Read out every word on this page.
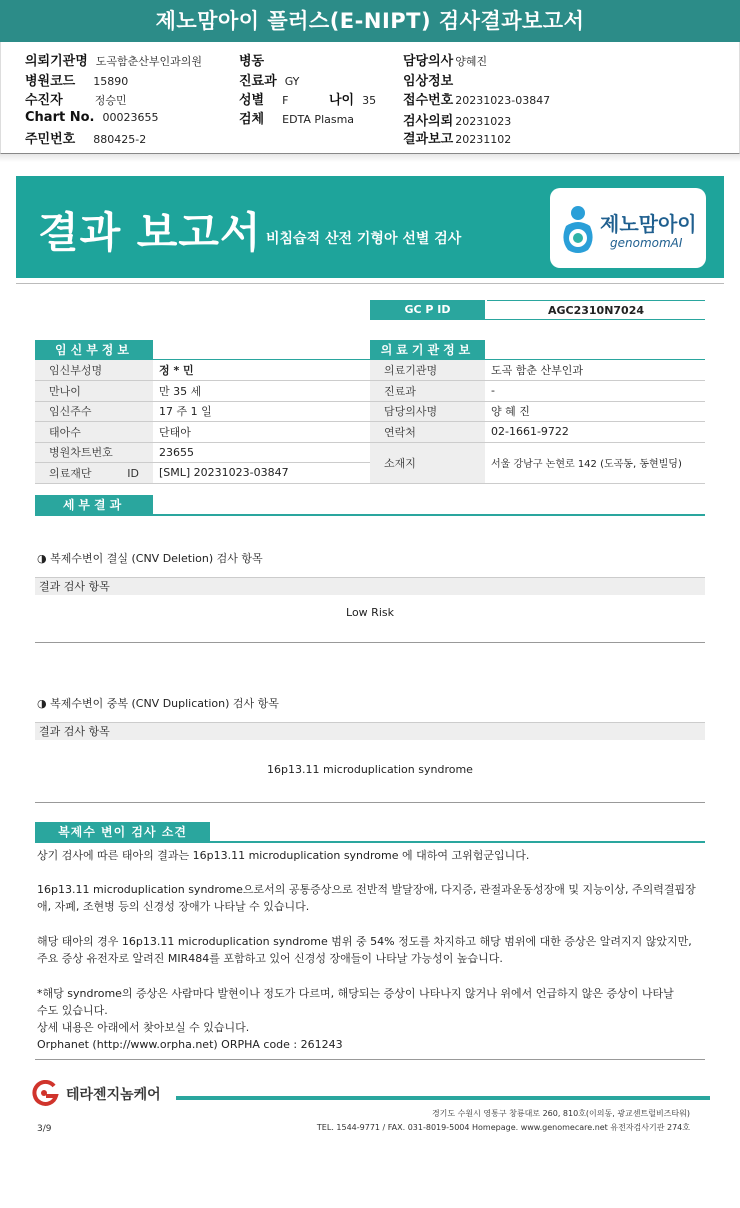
제노맘아이 플러스(E-NIPT) 검사결과보고서
의뢰기관명 도곡함춘산부인과의원
병원코드 15890
수진자	정승민
Chart No. 00023655
주민번호 880425-2
병동
진료과 GY
성별 F	나이 35
검체 EDTA Plasma
담당의사 양혜진
임상정보
접수번호 20231023-03847
검사의뢰 20231023
결과보고 20231102
결과 보고서 비침습적 산전 기형아 선별 검사
제노맘아이
genomomAI
GC P ID	AGC2310N7024
임신부정보
임신부성명	정 * 민
만나이	만 35 세
임신주수	17 주 1 일
태아수	단태아
병원차트번호	23655
의료재단 ID	[SML] 20231023-03847
의료기관정보
의료기관명	도곡 함춘 산부인과
진료과	-
담당의사명	양 혜 진
연락처	02-1661-9722
소재지	서울 강남구 논현로 142 (도곡동, 동현빌딩)
세부결과
◑ 복제수변이 결실 (CNV Deletion) 검사 항목
결과 검사 항목
Low Risk
◑ 복제수변이 중복 (CNV Duplication) 검사 항목
결과 검사 항목
16p13.11 microduplication syndrome
복제수 변이 검사 소견
상기 검사에 따른 태아의 결과는 16p13.11 microduplication syndrome 에 대하여 고위험군입니다.
16p13.11 microduplication syndrome으로서의 공통증상으로 전반적 발달장애, 다지증, 관절과운동성장애 및 지능이상, 주의력결핍장
애, 자폐, 조현병 등의 신경성 장애가 나타날 수 있습니다.
해당 태아의 경우 16p13.11 microduplication syndrome 범위 중 54% 정도를 차지하고 해당 범위에 대한 증상은 알려지지 않았지만,
주요 증상 유전자로 알려진 MIR484를 포함하고 있어 신경성 장애들이 나타날 가능성이 높습니다.
*해당 syndrome의 증상은 사람마다 발현이나 정도가 다르며, 해당되는 증상이 나타나지 않거나 위에서 언급하지 않은 증상이 나타날
수도 있습니다.
상세 내용은 아래에서 찾아보실 수 있습니다.
Orphanet (http://www.orpha.net) ORPHA code : 261243
테라젠지놈케어
경기도 수원시 영통구 창룡대로 260, 810호(이의동, 광교센트럴비즈타워)
TEL. 1544-9771 / FAX. 031-8019-5004 Homepage. www.genomecare.net 유전자검사기관 274호
3/9
